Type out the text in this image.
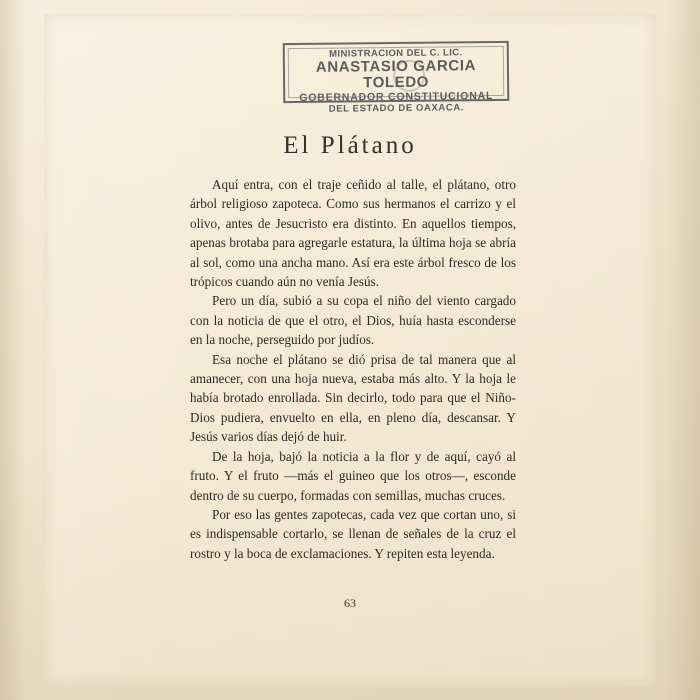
MINISTRACION DEL C. LIC.
ANASTASIO GARCIA TOLEDO
GOBERNADOR CONSTITUCIONAL
DEL ESTADO DE OAXACA.
El Plátano

Aquí entra, con el traje ceñido al talle, el plátano, otro árbol religioso zapoteca. Como sus hermanos el carrizo y el olivo, antes de Jesucristo era distinto. En aquellos tiempos, apenas brotaba para agregarle estatura, la última hoja se abría al sol, como una ancha mano. Así era este árbol fresco de los trópicos cuando aún no venía Jesús.

Pero un día, subió a su copa el niño del viento cargado con la noticia de que el otro, el Dios, huía hasta esconderse en la noche, perseguido por judíos.

Esa noche el plátano se dió prisa de tal manera que al amanecer, con una hoja nueva, estaba más alto. Y la hoja le había brotado enrollada. Sin decirlo, todo para que el Niño-Dios pudiera, envuelto en ella, en pleno día, descansar. Y Jesús varios días dejó de huir.

De la hoja, bajó la noticia a la flor y de aquí, cayó al fruto. Y el fruto —más el guineo que los otros—, esconde dentro de su cuerpo, formadas con semillas, muchas cruces.

Por eso las gentes zapotecas, cada vez que cortan uno, si es indispensable cortarlo, se llenan de señales de la cruz el rostro y la boca de exclamaciones. Y repiten esta leyenda.

63
